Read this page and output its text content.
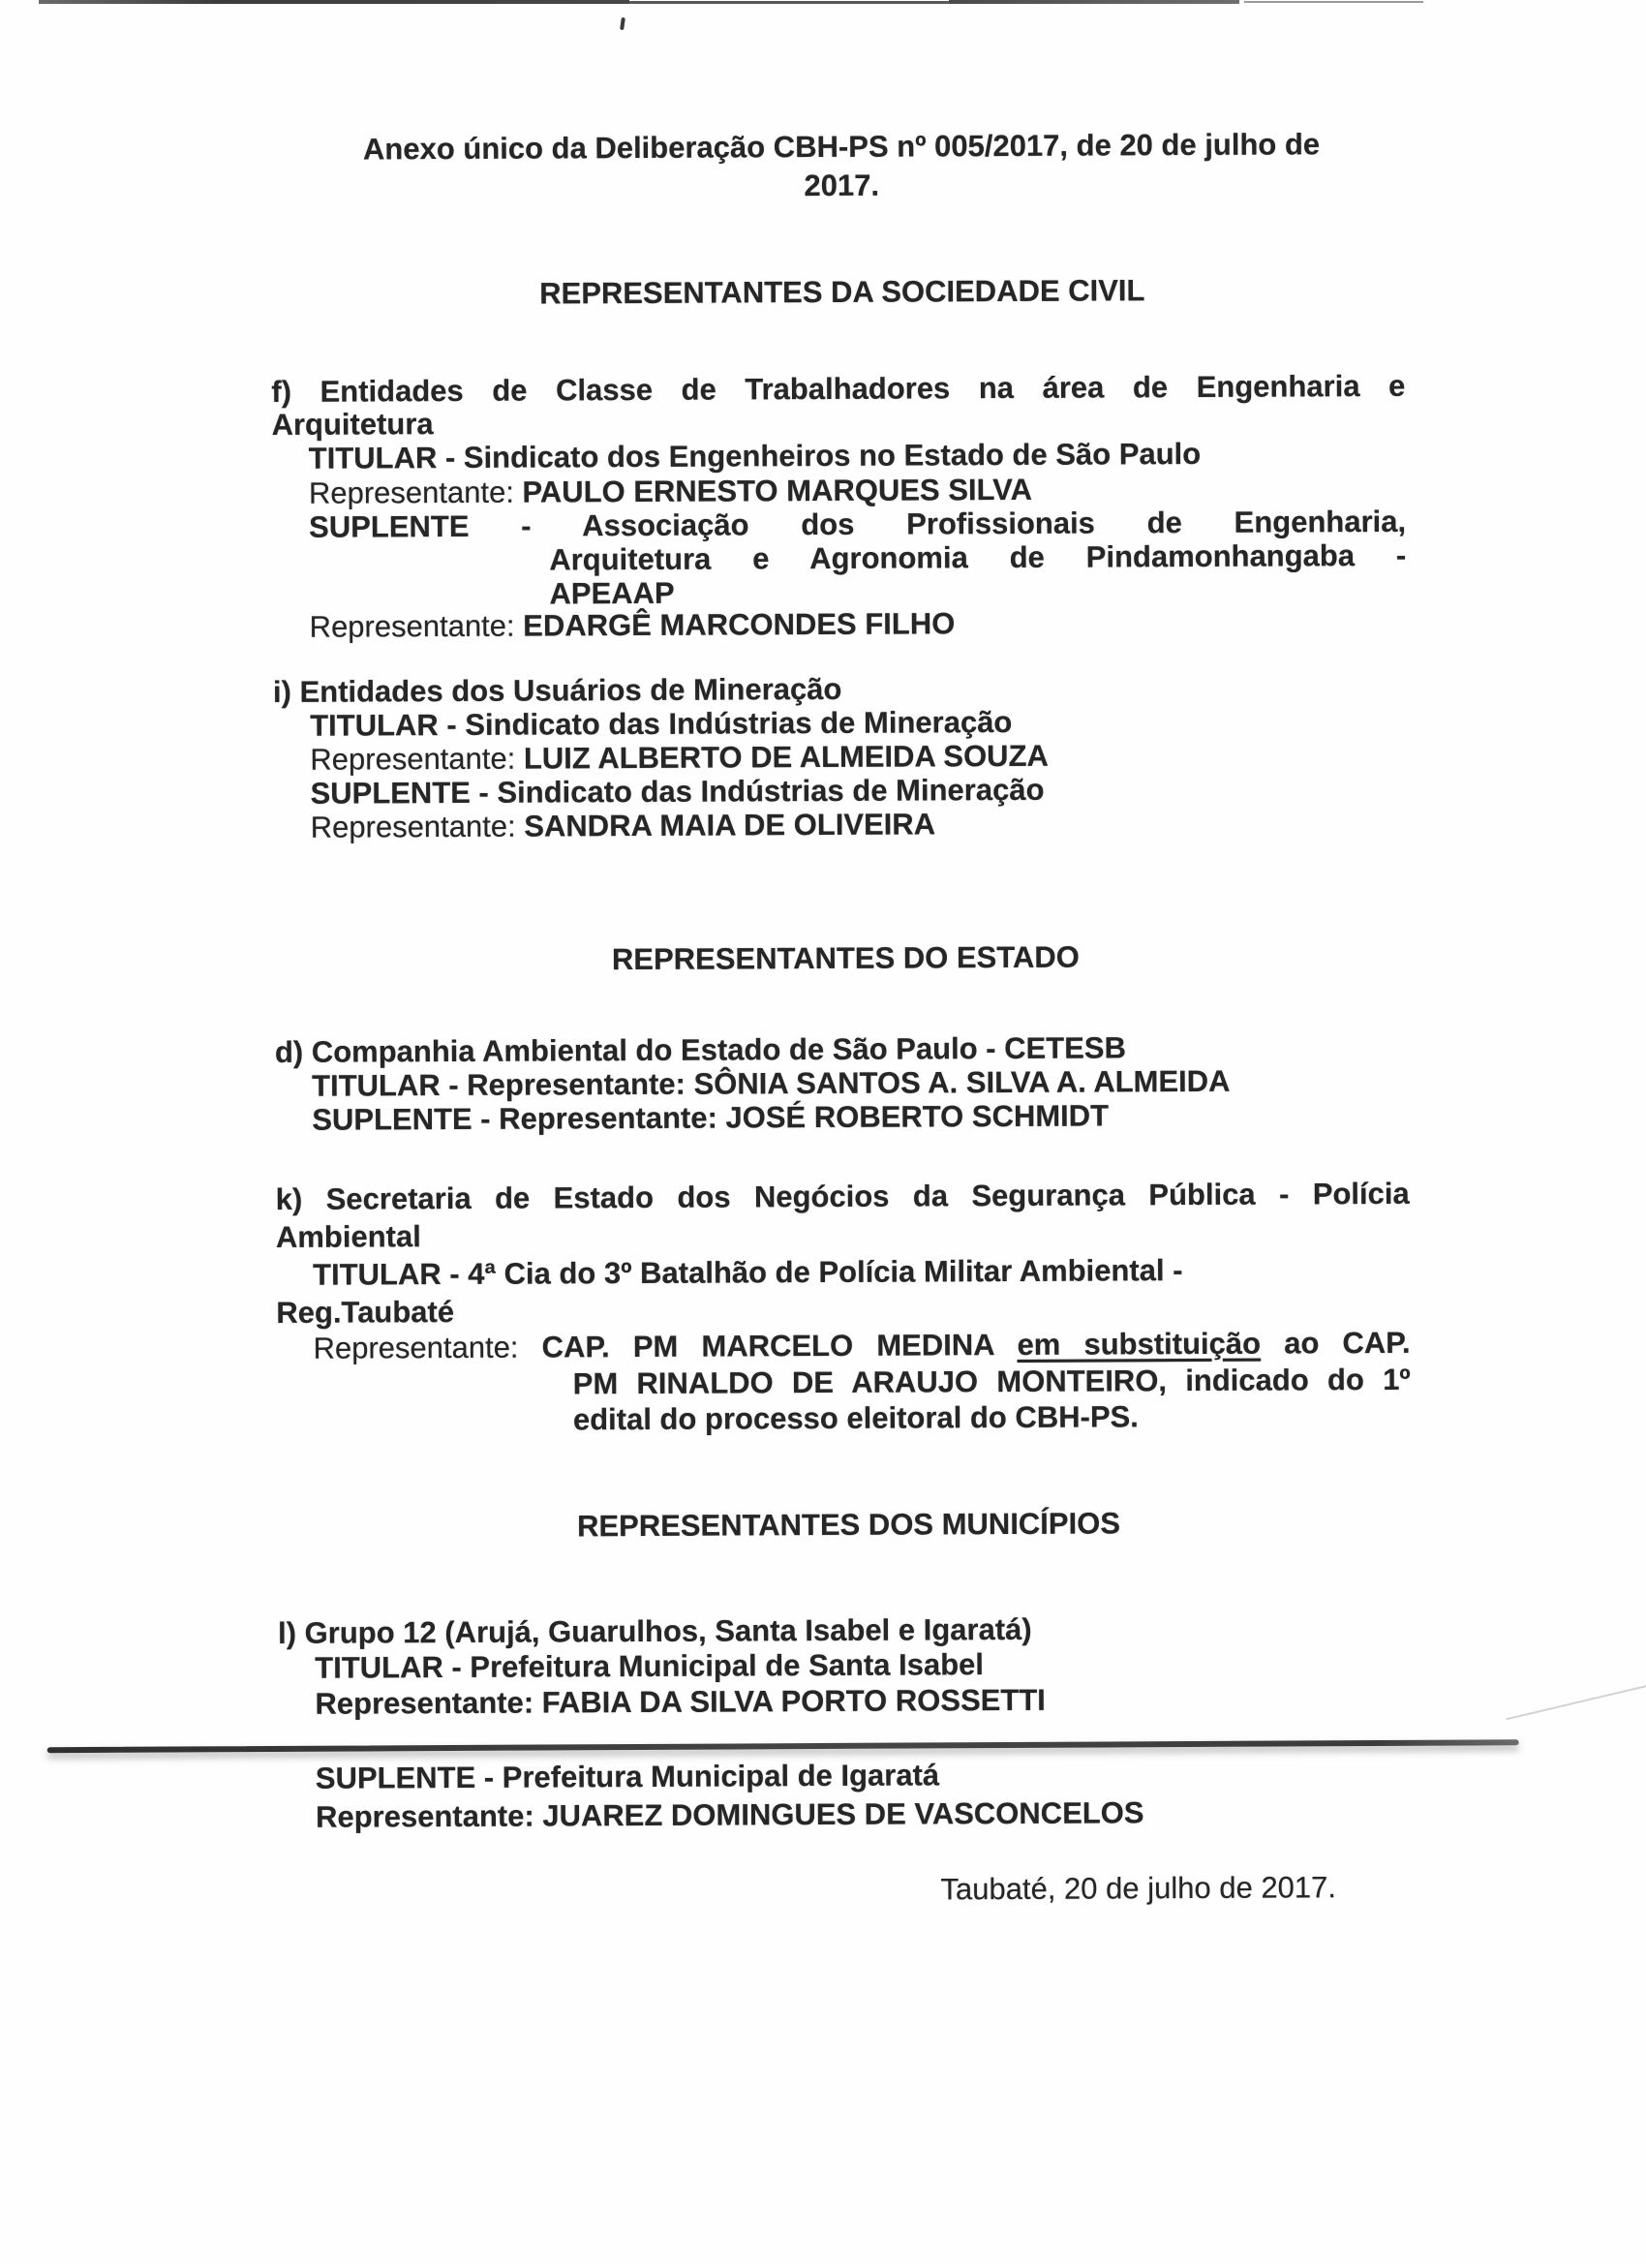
Anexo único da Deliberação CBH-PS nº 005/2017, de 20 de julho de
2017.
REPRESENTANTES DA SOCIEDADE CIVIL
REPRESENTANTES DO ESTADO
REPRESENTANTES DOS MUNICÍPIOS
f) Entidades de Classe de Trabalhadores na área de Engenharia e
Arquitetura
TITULAR - Sindicato dos Engenheiros no Estado de São Paulo
Representante: PAULO ERNESTO MARQUES SILVA
SUPLENTE - Associação dos Profissionais de Engenharia,
Arquitetura e Agronomia de Pindamonhangaba -
APEAAP
Representante: EDARGÊ MARCONDES FILHO
i) Entidades dos Usuários de Mineração
TITULAR - Sindicato das Indústrias de Mineração
Representante: LUIZ ALBERTO DE ALMEIDA SOUZA
SUPLENTE - Sindicato das Indústrias de Mineração
Representante: SANDRA MAIA DE OLIVEIRA
d) Companhia Ambiental do Estado de São Paulo - CETESB
TITULAR - Representante: SÔNIA SANTOS A. SILVA A. ALMEIDA
SUPLENTE - Representante: JOSÉ ROBERTO SCHMIDT
k) Secretaria de Estado dos Negócios da Segurança Pública - Polícia
Ambiental
TITULAR - 4ª Cia do 3º Batalhão de Polícia Militar Ambiental -
Reg.Taubaté
Representante: CAP. PM MARCELO MEDINA em substituição ao CAP.
PM RINALDO DE ARAUJO MONTEIRO, indicado do 1º
edital do processo eleitoral do CBH-PS.
l) Grupo 12 (Arujá, Guarulhos, Santa Isabel e Igaratá)
TITULAR - Prefeitura Municipal de Santa Isabel
Representante: FABIA DA SILVA PORTO ROSSETTI
SUPLENTE - Prefeitura Municipal de Igaratá
Representante: JUAREZ DOMINGUES DE VASCONCELOS
Taubaté, 20 de julho de 2017.
